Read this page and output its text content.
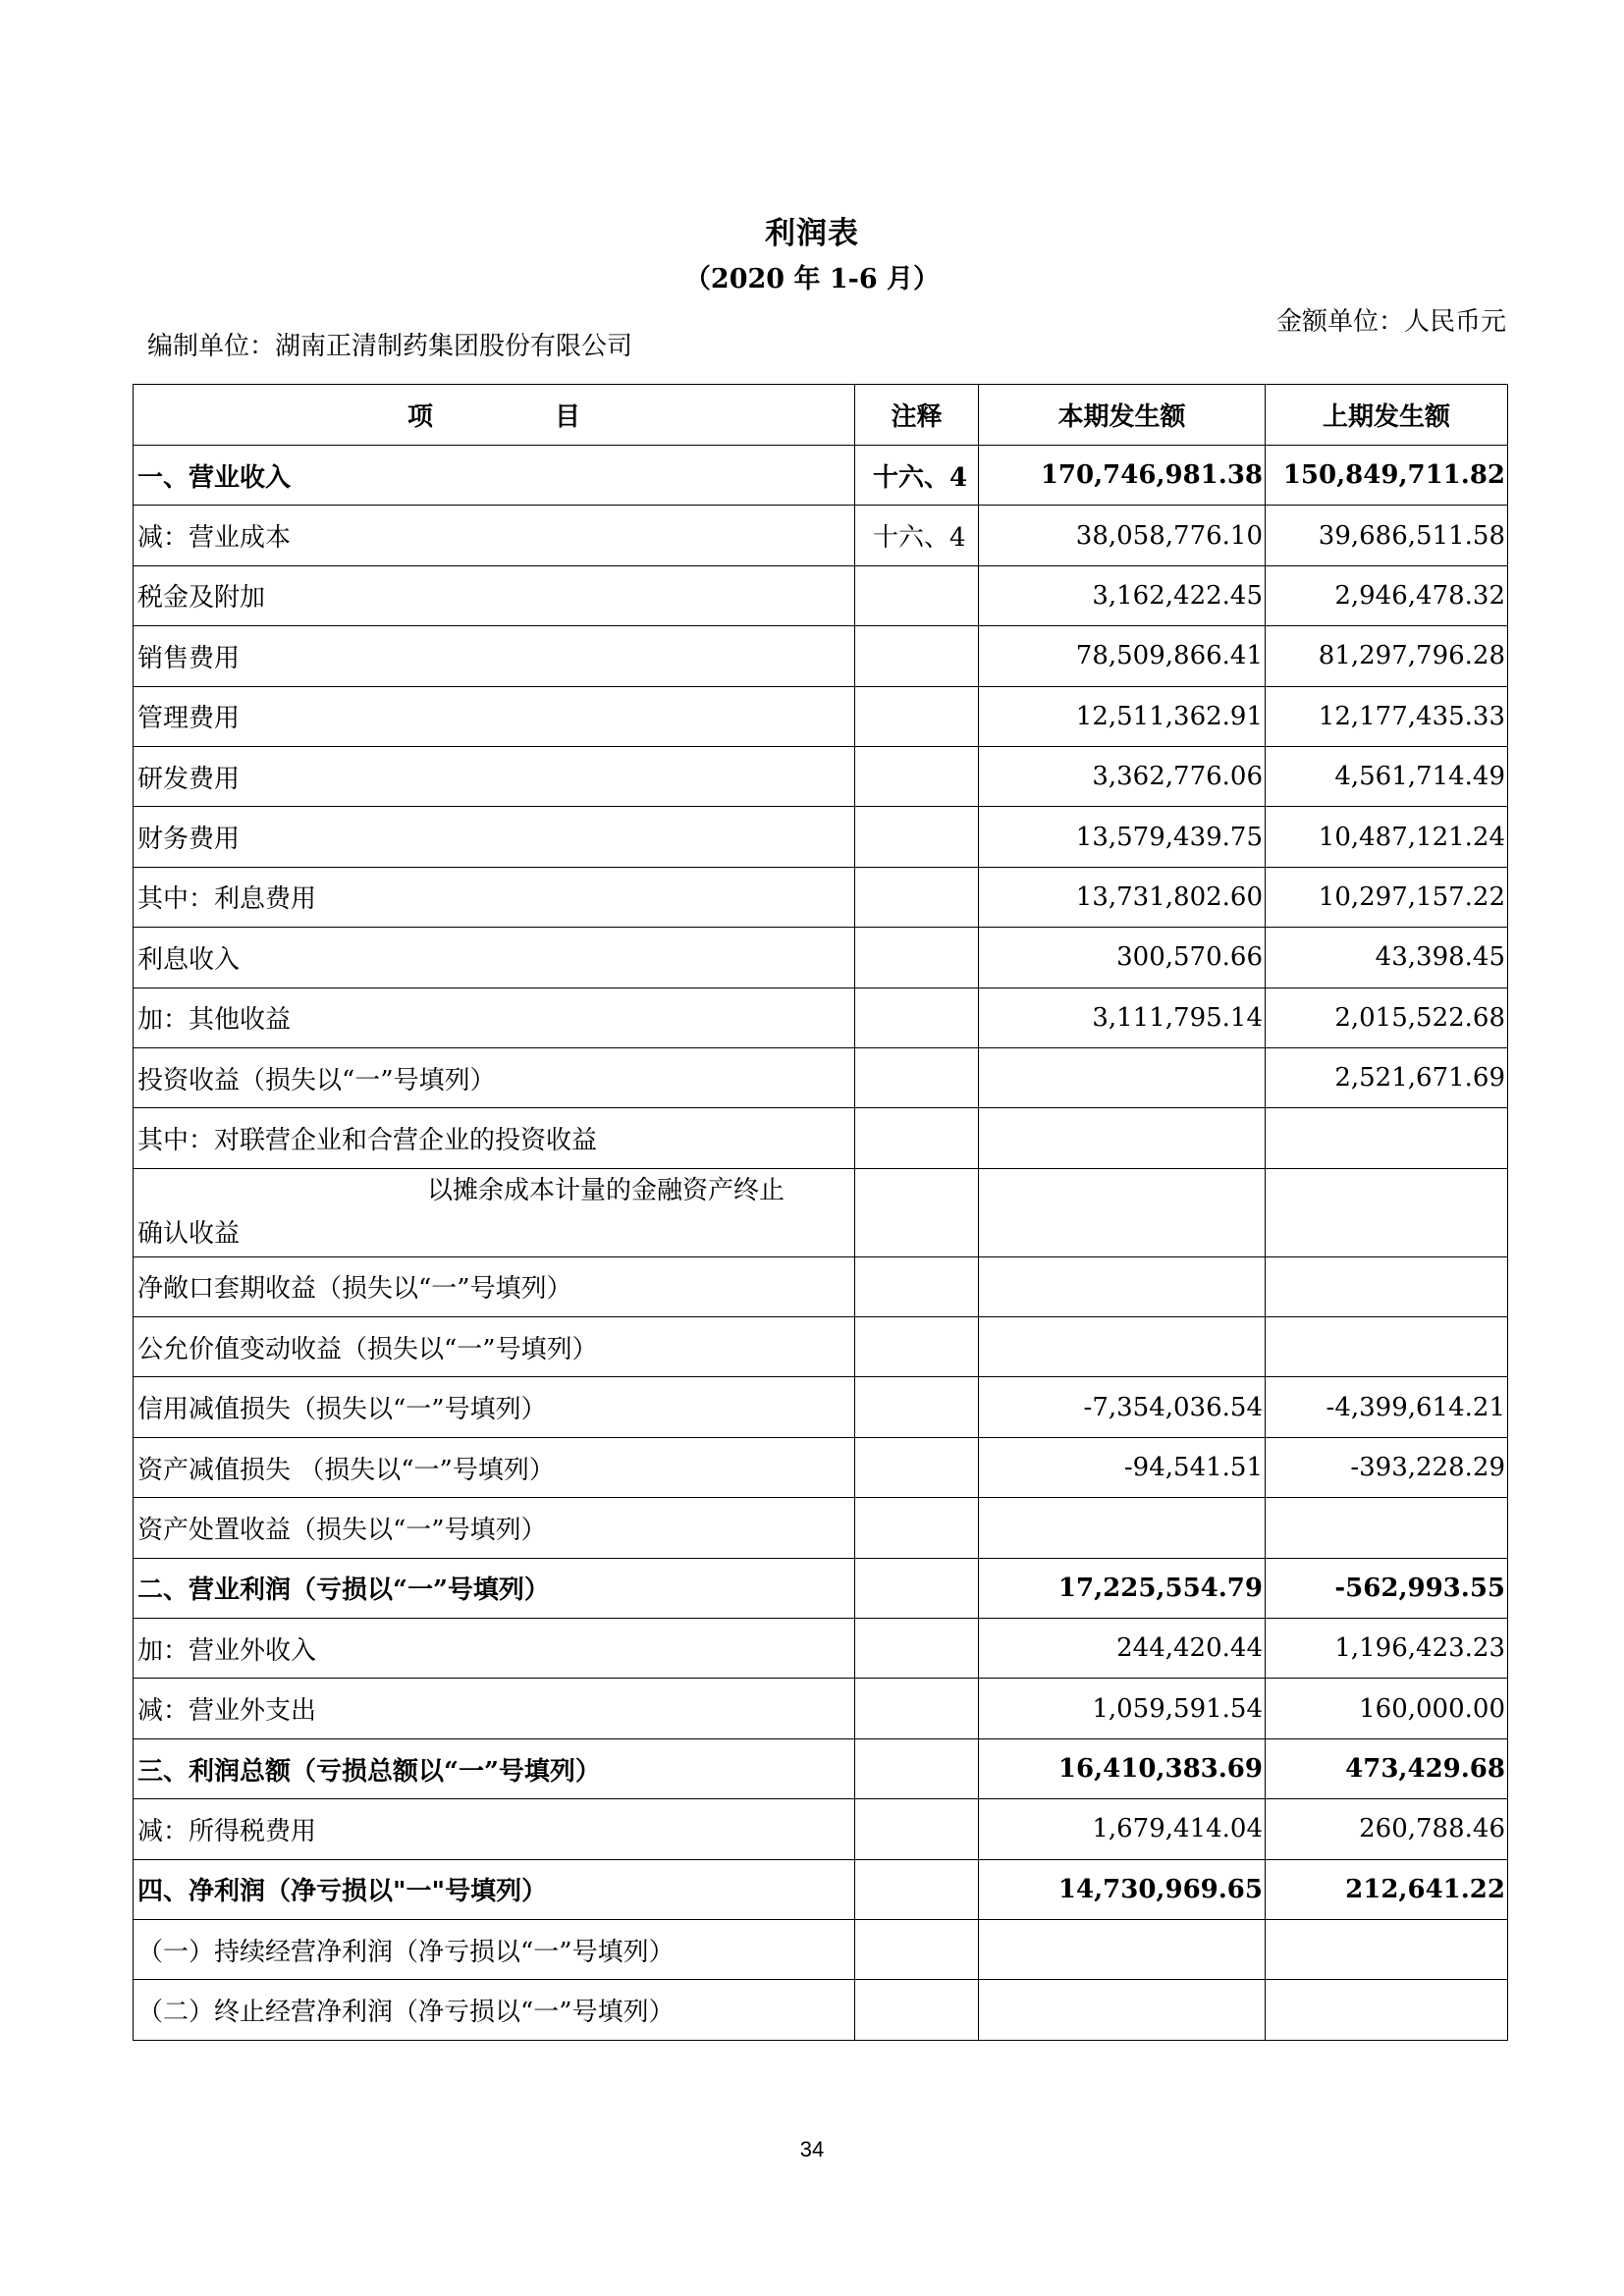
利润表
（2020 年 1-6 月）
编制单位：湖南正清制药集团股份有限公司
金额单位：人民币元
项 目	注释	本期发生额	上期发生额
一、营业收入	十六、4	170,746,981.38	150,849,711.82
减：营业成本	十六、4	38,058,776.10	39,686,511.58
税金及附加		3,162,422.45	2,946,478.32
销售费用		78,509,866.41	81,297,796.28
管理费用		12,511,362.91	12,177,435.33
研发费用		3,362,776.06	4,561,714.49
财务费用		13,579,439.75	10,487,121.24
其中：利息费用		13,731,802.60	10,297,157.22
利息收入		300,570.66	43,398.45
加：其他收益		3,111,795.14	2,015,522.68
投资收益（损失以“一”号填列）			2,521,671.69
其中：对联营企业和合营企业的投资收益			

以摊余成本计量的金融资产终止
确认收益			
净敞口套期收益（损失以“一”号填列）			
公允价值变动收益（损失以“一”号填列）			
信用减值损失（损失以“一”号填列）		-7,354,036.54	-4,399,614.21
资产减值损失 （损失以“一”号填列）		-94,541.51	-393,228.29
资产处置收益（损失以“一”号填列）			
二、营业利润（亏损以“一”号填列）		17,225,554.79	-562,993.55
加：营业外收入		244,420.44	1,196,423.23
减：营业外支出		1,059,591.54	160,000.00
三、利润总额（亏损总额以“一”号填列）		16,410,383.69	473,429.68
减：所得税费用		1,679,414.04	260,788.46
四、净利润（净亏损以"一"号填列）		14,730,969.65	212,641.22
（一）持续经营净利润（净亏损以“一”号填列）			
（二）终止经营净利润（净亏损以“一”号填列）			
34
